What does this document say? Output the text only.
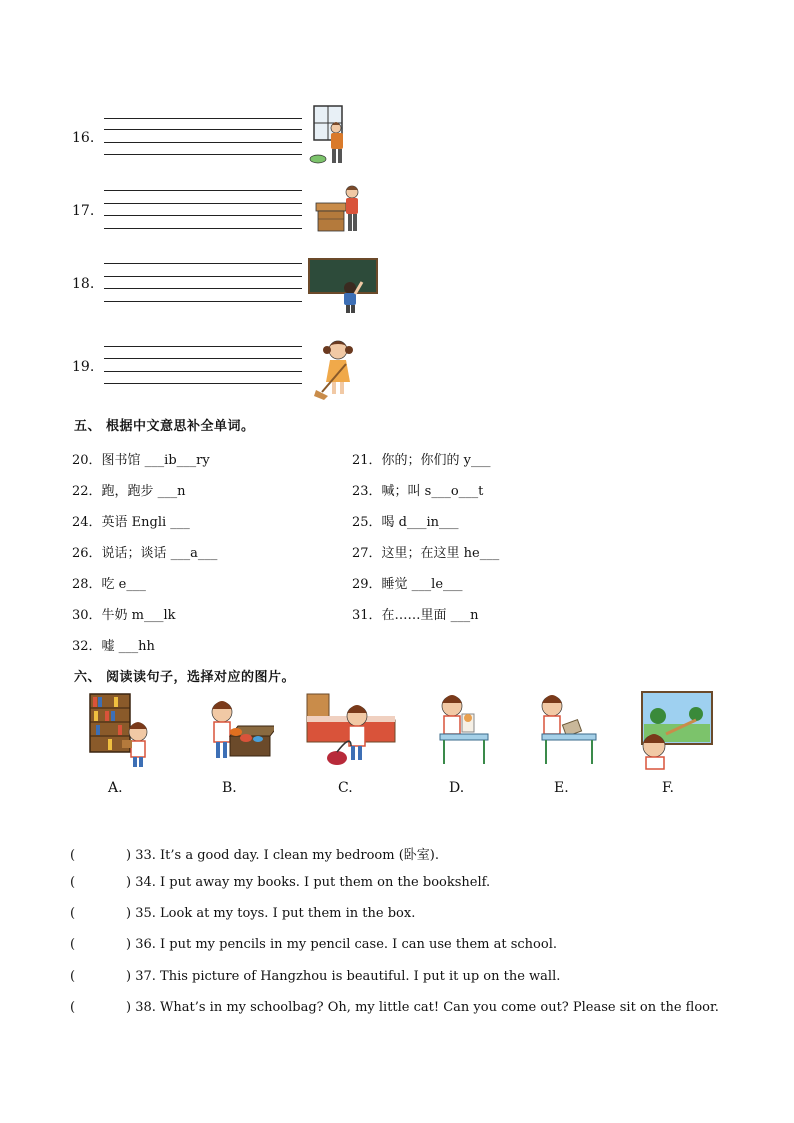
16.
17.
18.
19.
五、 根据中文意思补全单词。
20．图书馆 ___ib___ry	21．你的；你们的 y___
22．跑，跑步 ___n	23．喊；叫 s___o___t
24．英语 Engli ___	25．喝 d___in___
26．说话；谈话 ___a___	27．这里；在这里 he___
28．吃 e___	29．睡觉 ___le___
30．牛奶 m___lk	31．在……里面 ___n
32．嘘 ___hh
六、 阅读读句子，选择对应的图片。
A.	B.	C.	D.	E.	F.
(	) 33. It’s a good day. I clean my bedroom (卧室).
(	) 34. I put away my books. I put them on the bookshelf.
(	) 35. Look at my toys. I put them in the box.
(	) 36. I put my pencils in my pencil case. I can use them at school.
(	) 37. This picture of Hangzhou is beautiful. I put it up on the wall.
(	) 38. What’s in my schoolbag? Oh, my little cat! Can you come out? Please sit on the floor.
